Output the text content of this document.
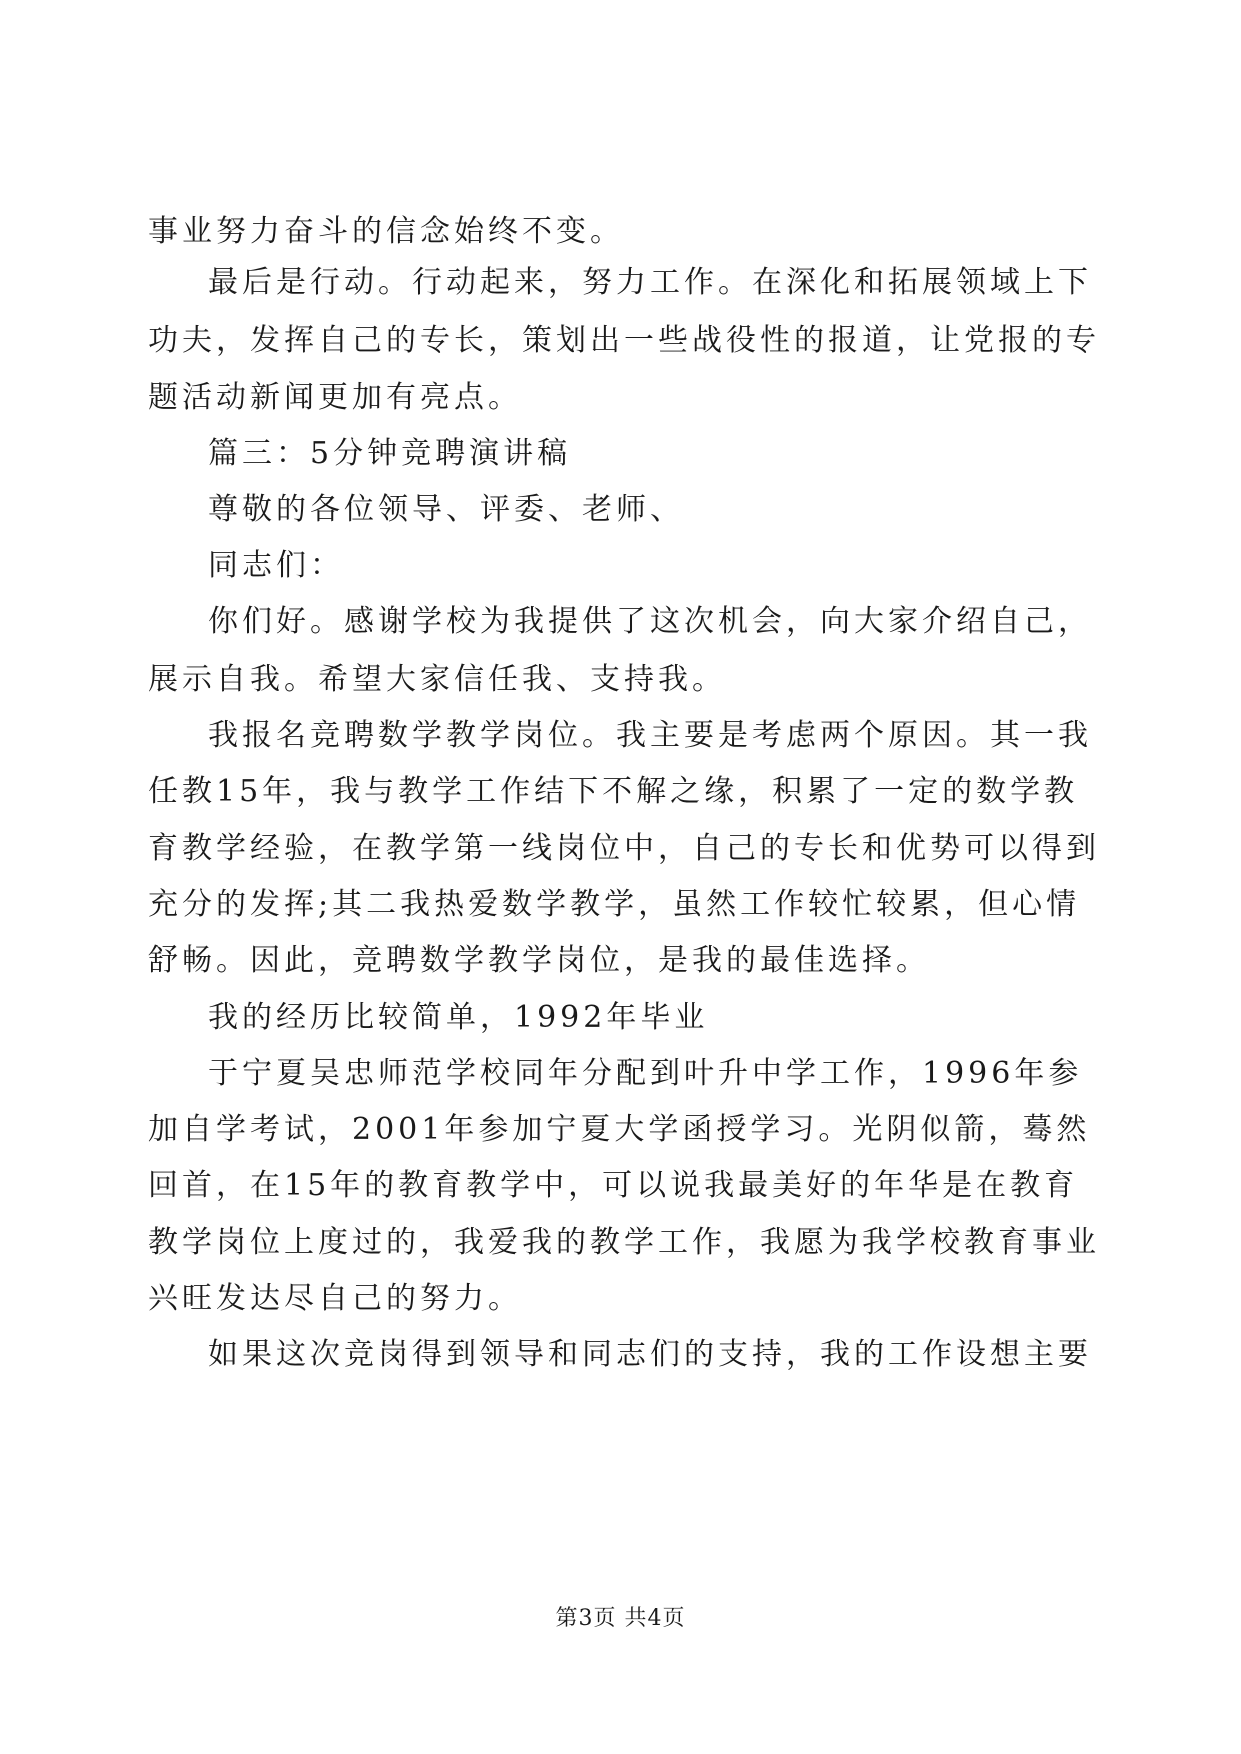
事业努力奋斗的信念始终不变。
最后是行动。行动起来，努力工作。在深化和拓展领域上下
功夫，发挥自己的专长，策划出一些战役性的报道，让党报的专
题活动新闻更加有亮点。
篇三：5分钟竞聘演讲稿
尊敬的各位领导、评委、老师、
同志们：
你们好。感谢学校为我提供了这次机会，向大家介绍自己，
展示自我。希望大家信任我、支持我。
我报名竞聘数学教学岗位。我主要是考虑两个原因。其一我
任教15年，我与教学工作结下不解之缘，积累了一定的数学教
育教学经验，在教学第一线岗位中，自己的专长和优势可以得到
充分的发挥;其二我热爱数学教学，虽然工作较忙较累，但心情
舒畅。因此，竞聘数学教学岗位，是我的最佳选择。
我的经历比较简单，1992年毕业
于宁夏吴忠师范学校同年分配到叶升中学工作，1996年参
加自学考试，2001年参加宁夏大学函授学习。光阴似箭，蓦然
回首，在15年的教育教学中，可以说我最美好的年华是在教育
教学岗位上度过的，我爱我的教学工作，我愿为我学校教育事业
兴旺发达尽自己的努力。
如果这次竞岗得到领导和同志们的支持，我的工作设想主要
第3页 共4页
